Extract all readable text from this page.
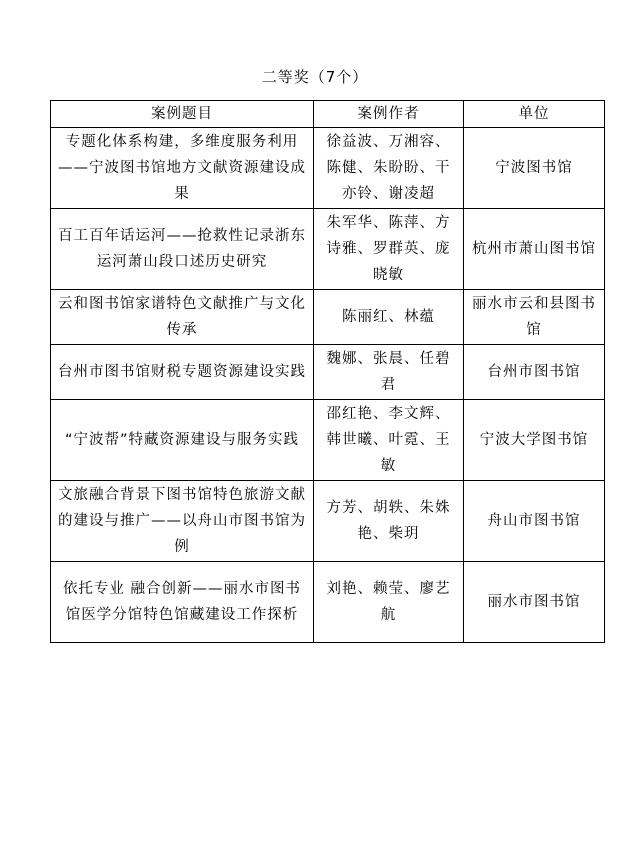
二等奖（7个）
案例题目	案例作者	单位
专题化体系构建，多维度服务利用——宁波图书馆地方文献资源建设成果	徐益波、万湘容、陈健、朱盼盼、干亦铃、谢凌超	宁波图书馆
百工百年话运河——抢救性记录浙东运河萧山段口述历史研究	朱军华、陈萍、方诗雅、罗群英、庞晓敏	杭州市萧山图书馆
云和图书馆家谱特色文献推广与文化传承	陈丽红、林蕴	丽水市云和县图书馆
台州市图书馆财税专题资源建设实践	魏娜、张晨、任碧君	台州市图书馆
“宁波帮”特藏资源建设与服务实践	邵红艳、李文辉、韩世曦、叶霓、王敏	宁波大学图书馆
文旅融合背景下图书馆特色旅游文献的建设与推广——以舟山市图书馆为例	方芳、胡轶、朱姝艳、柴玥	舟山市图书馆
依托专业 融合创新——丽水市图书馆医学分馆特色馆藏建设工作探析	刘艳、赖莹、廖艺航	丽水市图书馆
